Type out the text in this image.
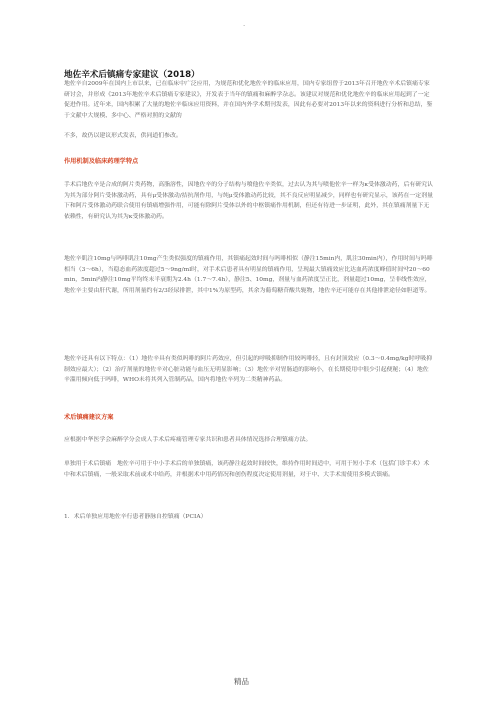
·
地佐辛术后镇痛专家建议（2018）
地佐辛自2009年在国内上市以来，已在临床中广泛应用，为规范和优化地佐辛的临床应用，国内专家组曾于2013年召开地佐辛术后镇痛专家研讨会，并形成《2013年地佐辛术后镇痛专家建议》，开发表于当年的镇痛和麻醉学杂志。该建议对规范和优化地佐辛的临床应用起到了一定促进作用。近年来，国内积累了大量的地佐辛临床应用资料，并在国内外学术期刊发表，因此有必要对2013年以来的资料进行分析和总结，鉴于文献中大规模、多中心、严格对照的文献的
不多，故仍以建议形式发表，供同道们参改。
作用机制及临床药理学特点
手术后地佐辛是合成的阿片类药物，高脂溶性，因地佐辛的分子结构与喷他佐辛类似，过去认为其与喷他佐辛一样为κ受体激动药，后有研究认为其为部分阿片受体激动药，具有μ受体激动/拮抗剂作用，与纯μ受体激动药比较，其不良反应明显减少，同样也有研究显示，该药在一定剂量下和阿片受体激动药联合使用有镇痛增强作用，可能有除阿片受体以外的中枢镇痛作用机制，但还有待进一步证明，此外，其在镇痛剂量下无依赖性，有研究认为其为κ受体激动药。
地佐辛肌注10mg与吗啡肌注10mg产生类似强度的镇痛作用，其镇痛起效时间与吗啡相似（静注15min内，肌注30min内），作用时间与吗啡相当（3～6h），当稳态血药浓度超过5～9ng/ml时，对手术后患者具有明显的镇痛作用，呈现最大镇痛效应比达血药浓度峰值时间약20～60min，5min内静注10mg平均终末半衰期为2.4h（1.7～7.4h），静注5、10mg，剂量与血药浓度呈正比，剂量超过10mg，呈非线性效应，地佐辛主要由肝代谢，所用剂量约有2/3经尿排泄，其中1%为原型药，其余为葡萄糖苷酸共轭物，地佐辛还可能存在其他排泄途径如胆道等。
地佐辛还具有以下特点：（1）地佐辛具有类似吗啡的阿片药效应，但引起的呼吸抑制作用较吗啡轻，且有封顶效应（0.3～0.4mg/kg时呼吸抑制效应最大）；（2）治疗剂量的地佐辛对心脏功能与血压无明显影响；（3）地佐辛对胃肠道的影响小，在长期使用中很少引起便秘；（4）地佐辛滥用倾向低于吗啡，WHO未将其列入管制药品，国内将地佐辛列为二类精神药品。
术后镇痛建议方案
应根据中华医学会麻醉学分会成人手术后疼痛管理专家共识和患者具体情况选择合理镇痛方法。
单独用于术后镇痛　地佐辛可用于中小手术后的单独镇痛，该药静注起效时间较快，维持作用时间适中，可用于短小手术（包括门诊手术）术中和术后镇痛，一般采取术前或术中给药，并根据术中用药情况和创伤程度决定使用剂量，对于中、大手术需使用多模式镇痛。
1．术后单独应用地佐辛行患者静脉自控镇痛（PCIA）
精品
